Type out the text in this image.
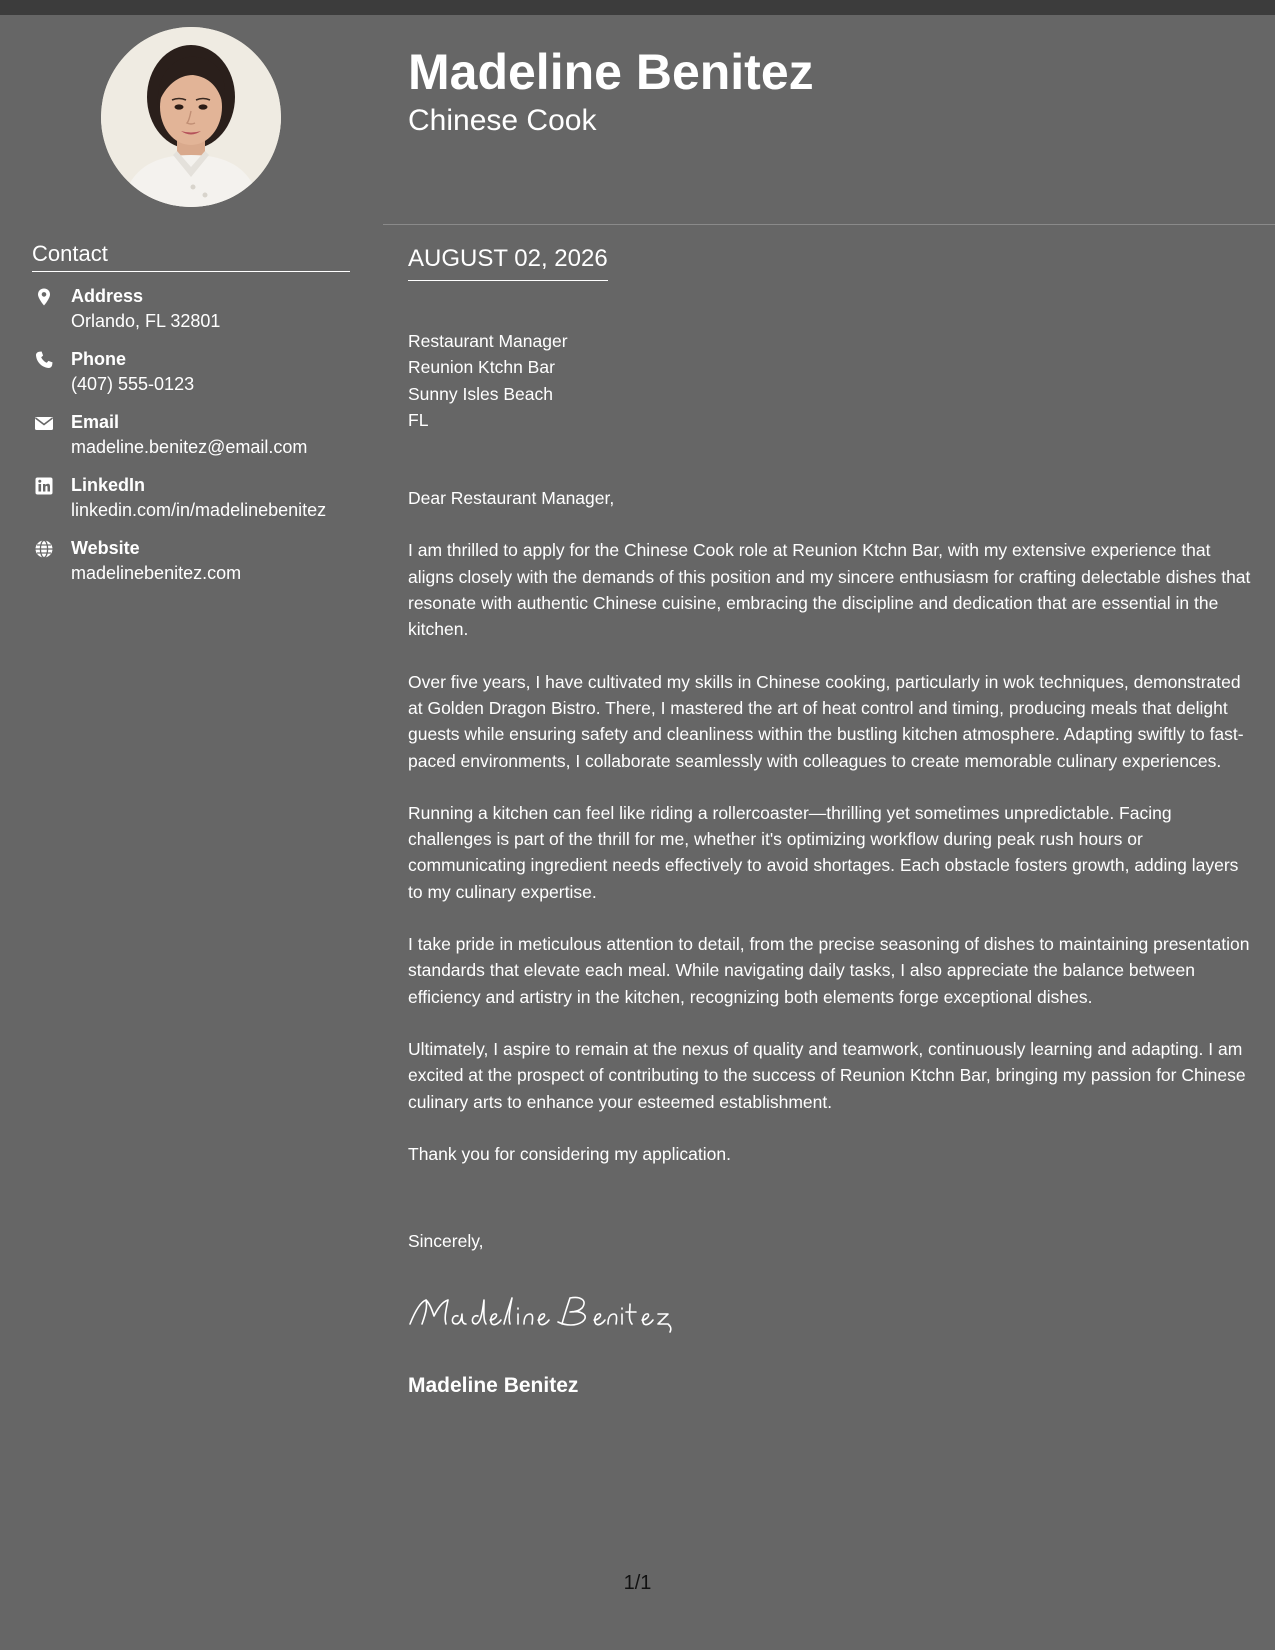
Madeline Benitez
Chinese Cook
Contact
Address
Orlando, FL 32801
Phone
(407) 555-0123
Email
madeline.benitez@email.com
LinkedIn
linkedin.com/in/madelinebenitez
Website
madelinebenitez.com
AUGUST 02, 2026

Restaurant Manager
Reunion Ktchn Bar
Sunny Isles Beach
FL

Dear Restaurant Manager,

I am thrilled to apply for the Chinese Cook role at Reunion Ktchn Bar, with my extensive experience that aligns closely with the demands of this position and my sincere enthusiasm for crafting delectable dishes that resonate with authentic Chinese cuisine, embracing the discipline and dedication that are essential in the kitchen.

Over five years, I have cultivated my skills in Chinese cooking, particularly in wok techniques, demonstrated at Golden Dragon Bistro. There, I mastered the art of heat control and timing, producing meals that delight guests while ensuring safety and cleanliness within the bustling kitchen atmosphere. Adapting swiftly to fast-paced environments, I collaborate seamlessly with colleagues to create memorable culinary experiences.

Running a kitchen can feel like riding a rollercoaster—thrilling yet sometimes unpredictable. Facing challenges is part of the thrill for me, whether it's optimizing workflow during peak rush hours or communicating ingredient needs effectively to avoid shortages. Each obstacle fosters growth, adding layers to my culinary expertise.

I take pride in meticulous attention to detail, from the precise seasoning of dishes to maintaining presentation standards that elevate each meal. While navigating daily tasks, I also appreciate the balance between efficiency and artistry in the kitchen, recognizing both elements forge exceptional dishes.

Ultimately, I aspire to remain at the nexus of quality and teamwork, continuously learning and adapting. I am excited at the prospect of contributing to the success of Reunion Ktchn Bar, bringing my passion for Chinese culinary arts to enhance your esteemed establishment.

Thank you for considering my application.

Sincerely,
Madeline Benitez
1/1
